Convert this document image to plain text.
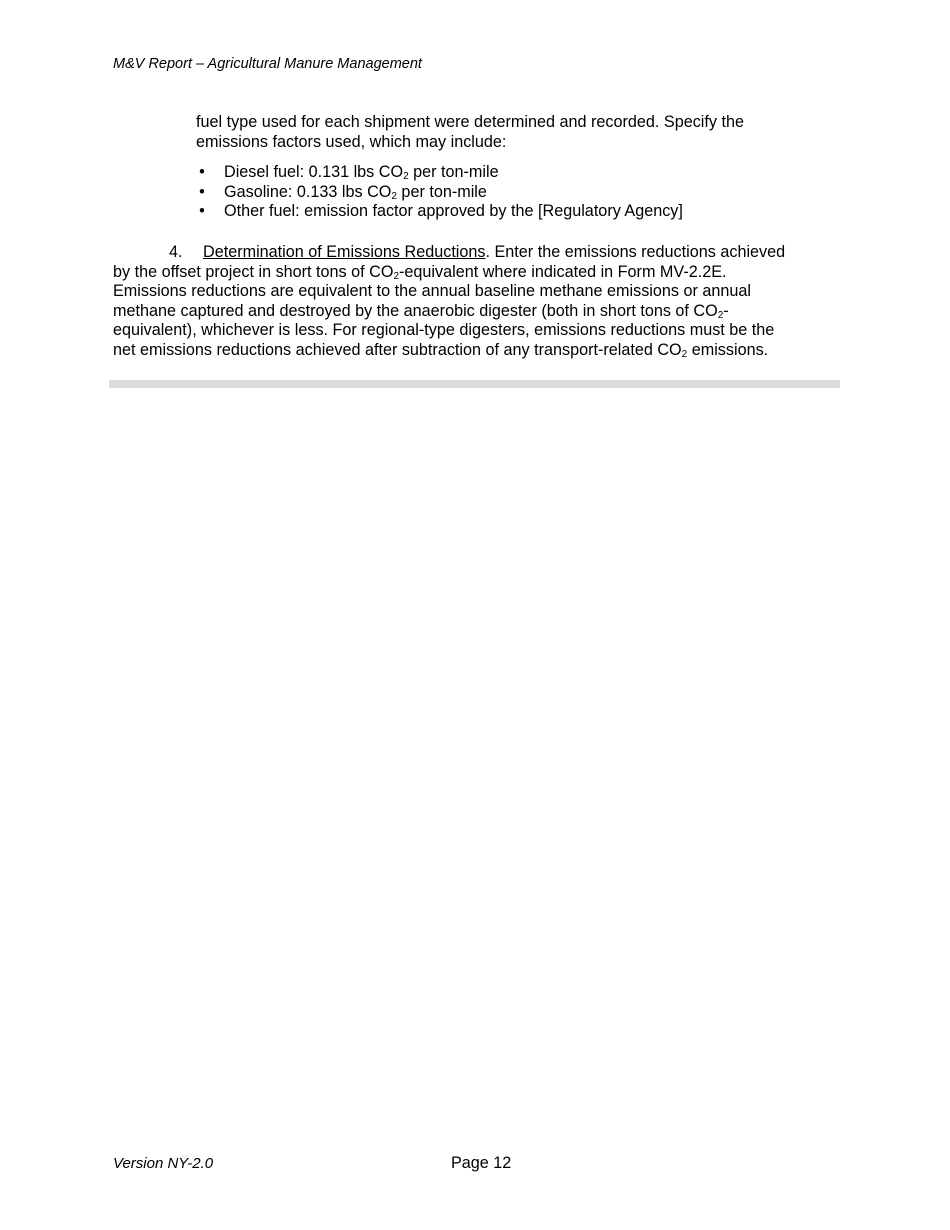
M&V Report – Agricultural Manure Management
fuel type used for each shipment were determined and recorded. Specify the
emissions factors used, which may include:
• Diesel fuel: 0.131 lbs $CO_2$ per ton-mile
• Gasoline: 0.133 lbs $CO_2$ per ton-mile
• Other fuel: emission factor approved by the [Regulatory Agency]
4. Determination of Emissions Reductions. Enter the emissions reductions achieved
by the offset project in short tons of $CO_2$-equivalent where indicated in Form MV-2.2E.
Emissions reductions are equivalent to the annual baseline methane emissions or annual
methane captured and destroyed by the anaerobic digester (both in short tons of $CO_2-$
equivalent), whichever is less. For regional-type digesters, emissions reductions must be the
net emissions reductions achieved after subtraction of any transport-related $CO_2$ emissions.
Version NY-2.0	Page 12
